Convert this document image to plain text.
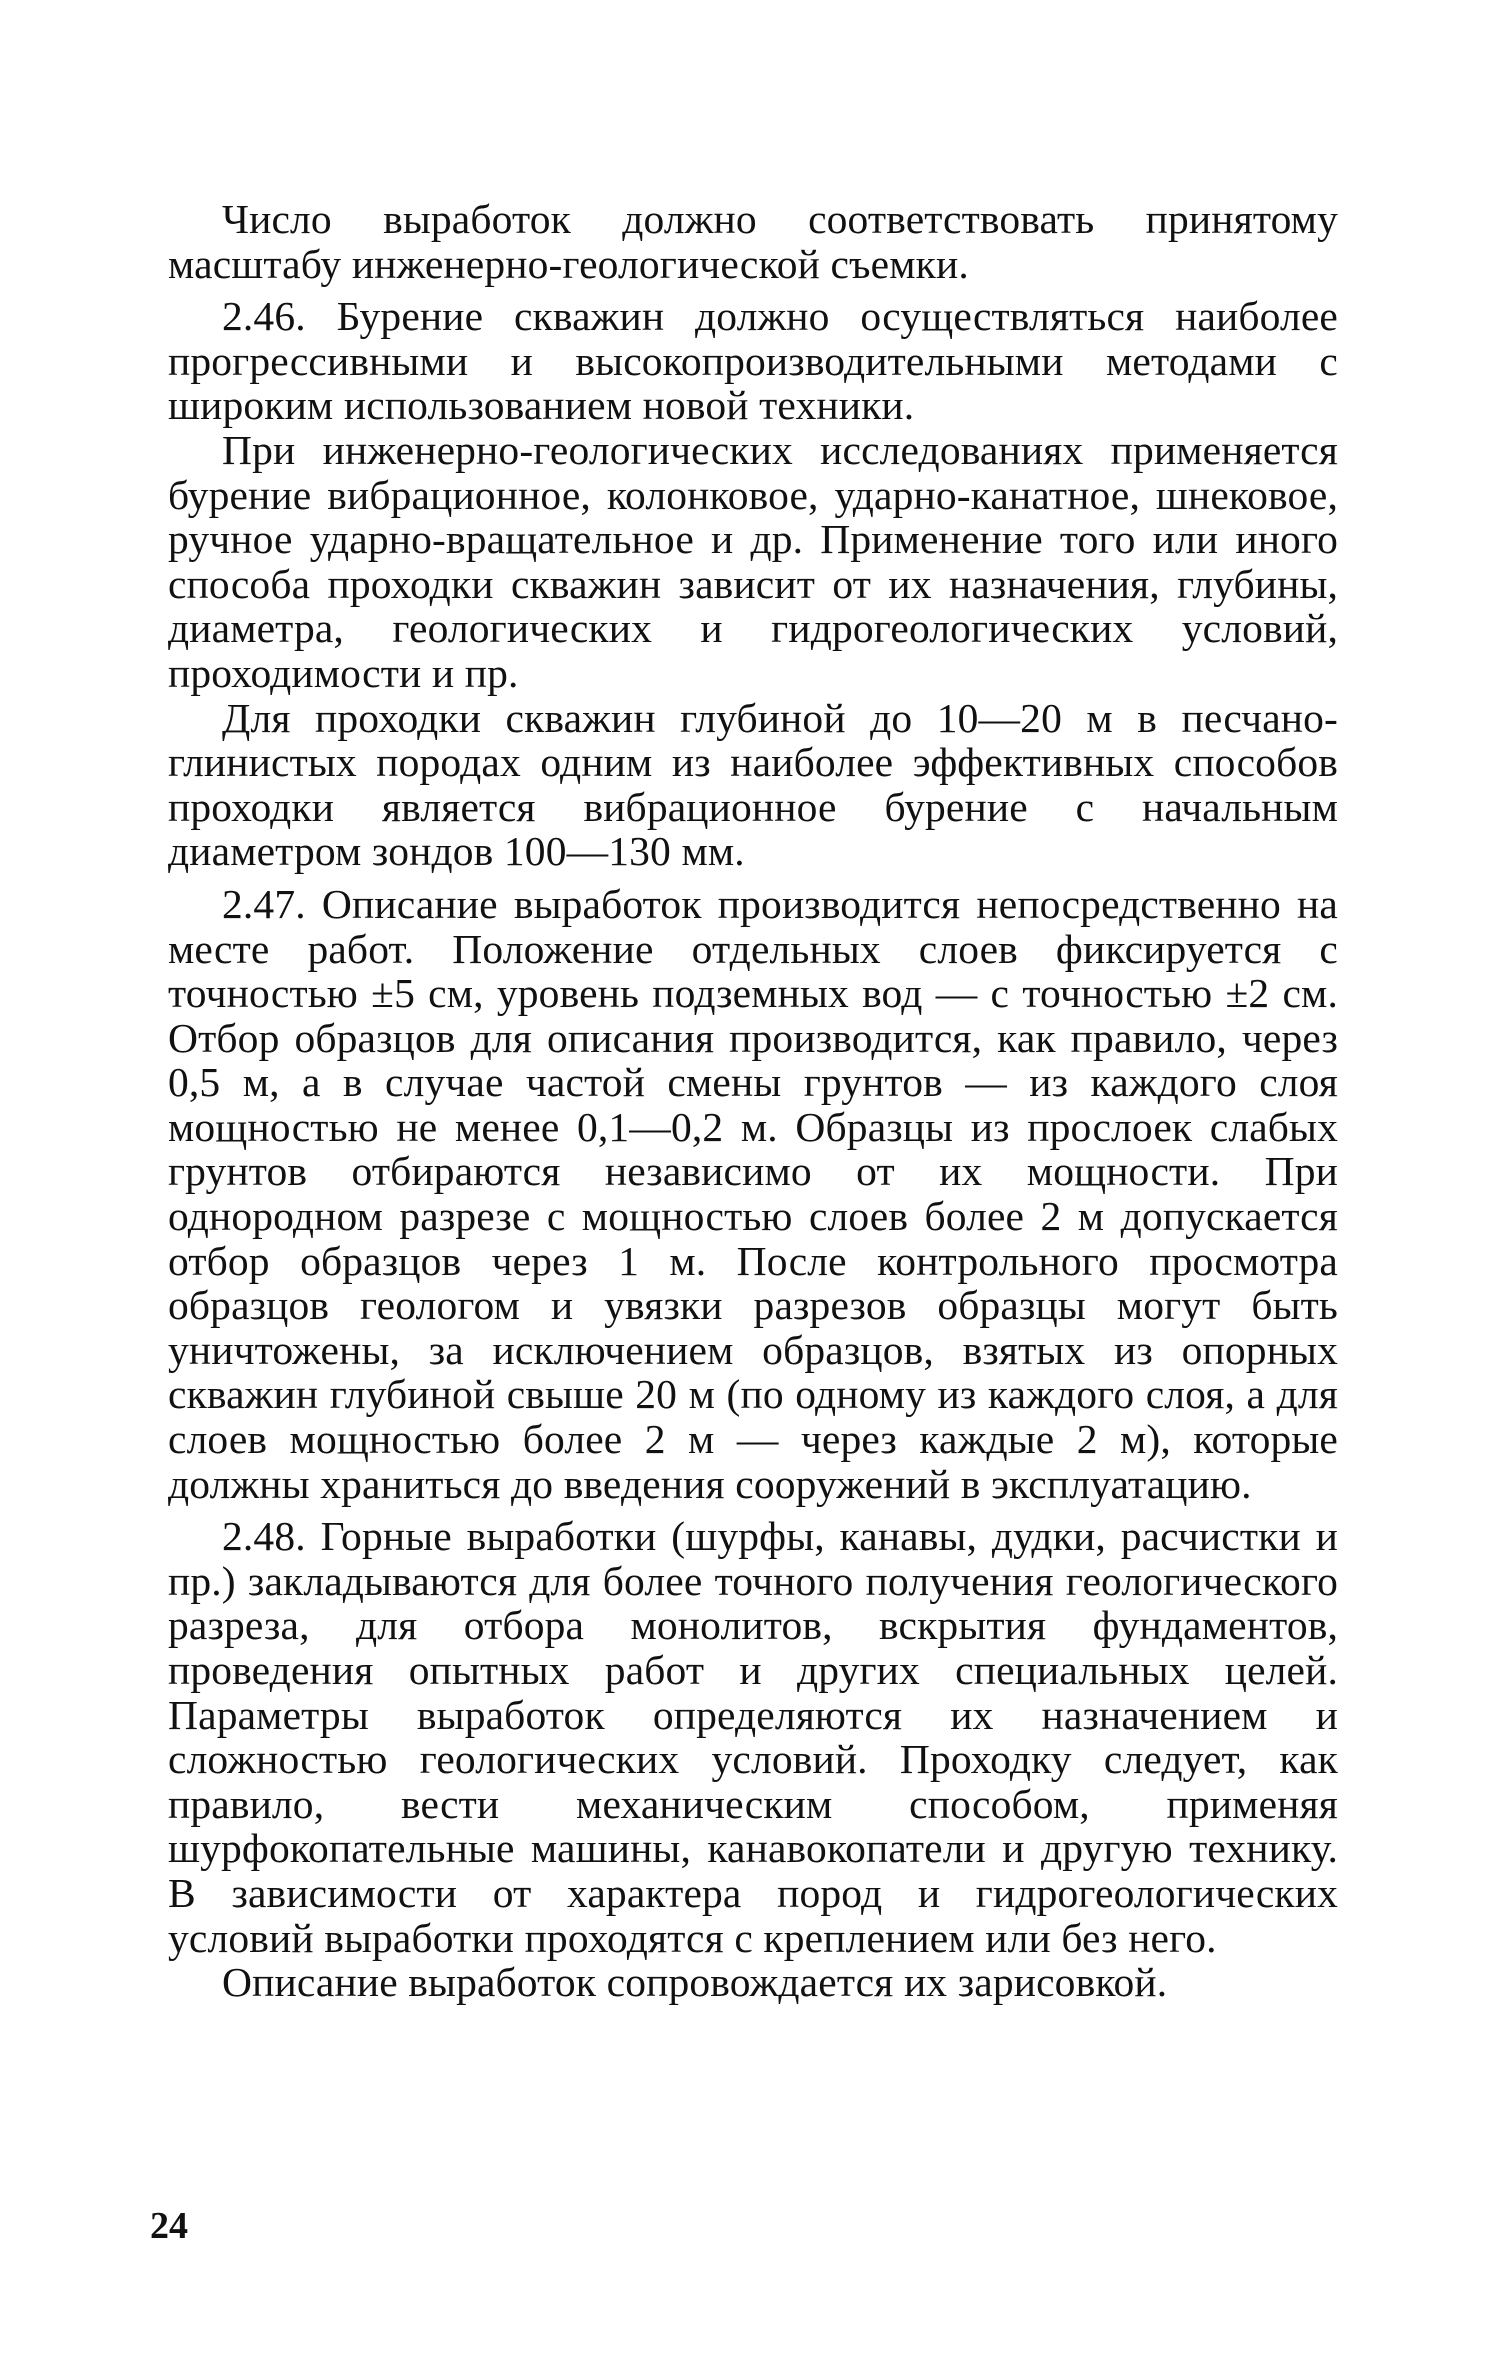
Число выработок должно соответствовать принятому масштабу инженерно-геологической съемки.

2.46. Бурение скважин должно осуществляться наиболее прогрессивными и высокопроизводительными методами с широким использованием новой техники.

При инженерно-геологических исследованиях применяется бурение вибрационное, колонковое, ударно-канатное, шнековое, ручное ударно-вращательное и др. Применение того или иного способа проходки скважин зависит от их назначения, глубины, диаметра, геологических и гидрогеологических условий, проходимости и пр.

Для проходки скважин глубиной до 10—20 м в песчано-глинистых породах одним из наиболее эффективных способов проходки является вибрационное бурение с начальным диаметром зондов 100—130 мм.

2.47. Описание выработок производится непосредственно на месте работ. Положение отдельных слоев фиксируется с точностью ±5 см, уровень подземных вод — с точностью ±2 см. Отбор образцов для описания производится, как правило, через 0,5 м, а в случае частой смены грунтов — из каждого слоя мощностью не менее 0,1—0,2 м. Образцы из прослоек слабых грунтов отбираются независимо от их мощности. При однородном разрезе с мощностью слоев более 2 м допускается отбор образцов через 1 м. После контрольного просмотра образцов геологом и увязки разрезов образцы могут быть уничтожены, за исключением образцов, взятых из опорных скважин глубиной свыше 20 м (по одному из каждого слоя, а для слоев мощностью более 2 м — через каждые 2 м), которые должны храниться до введения сооружений в эксплуатацию.

2.48. Горные выработки (шурфы, канавы, дудки, расчистки и пр.) закладываются для более точного получения геологического разреза, для отбора монолитов, вскрытия фундаментов, проведения опытных работ и других специальных целей. Параметры выработок определяются их назначением и сложностью геологических условий. Проходку следует, как правило, вести механическим способом, применяя шурфокопательные машины, канавокопатели и другую технику. В зависимости от характера пород и гидрогеологических условий выработки проходятся с креплением или без него.

Описание выработок сопровождается их зарисовкой.

24
